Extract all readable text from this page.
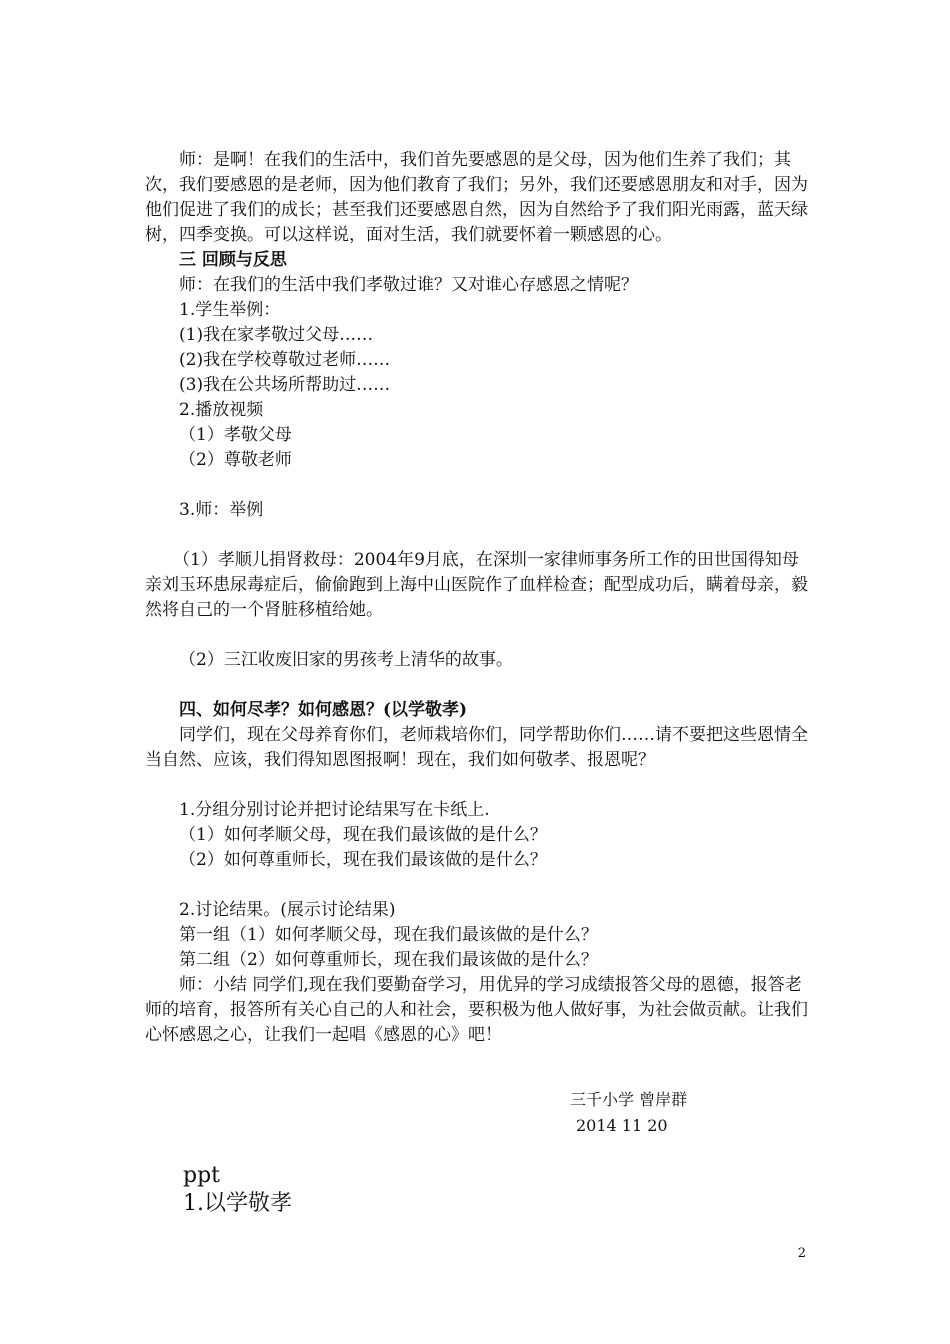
师：是啊！在我们的生活中，我们首先要感恩的是父母，因为他们生养了我们；其次，我们要感恩的是老师，因为他们教育了我们；另外，我们还要感恩朋友和对手，因为他们促进了我们的成长；甚至我们还要感恩自然，因为自然给予了我们阳光雨露，蓝天绿树，四季变换。可以这样说，面对生活，我们就要怀着一颗感恩的心。

三 回顾与反思

师：在我们的生活中我们孝敬过谁？又对谁心存感恩之情呢？

1.学生举例：

(1)我在家孝敬过父母……

(2)我在学校尊敬过老师……

(3)我在公共场所帮助过……

2.播放视频

（1）孝敬父母

（2）尊敬老师

3.师：举例

（1）孝顺儿捐肾救母：2004年9月底，在深圳一家律师事务所工作的田世国得知母亲刘玉环患尿毒症后，偷偷跑到上海中山医院作了血样检查；配型成功后，瞒着母亲，毅然将自己的一个肾脏移植给她。

（2）三江收废旧家的男孩考上清华的故事。

四、如何尽孝？如何感恩？(以学敬孝)

同学们，现在父母养育你们，老师栽培你们，同学帮助你们……请不要把这些恩情全当自然、应该，我们得知恩图报啊！现在，我们如何敬孝、报恩呢？

1.分组分别讨论并把讨论结果写在卡纸上.

（1）如何孝顺父母，现在我们最该做的是什么？

（2）如何尊重师长，现在我们最该做的是什么？

2.讨论结果。(展示讨论结果)

第一组（1）如何孝顺父母，现在我们最该做的是什么？

第二组（2）如何尊重师长，现在我们最该做的是什么？

师：小结 同学们,现在我们要勤奋学习，用优异的学习成绩报答父母的恩德，报答老师的培育，报答所有关心自己的人和社会，要积极为他人做好事，为社会做贡献。让我们心怀感恩之心，让我们一起唱《感恩的心》吧！

三千小学 曾岸群
2014 11 20
ppt
1.以学敬孝
2
